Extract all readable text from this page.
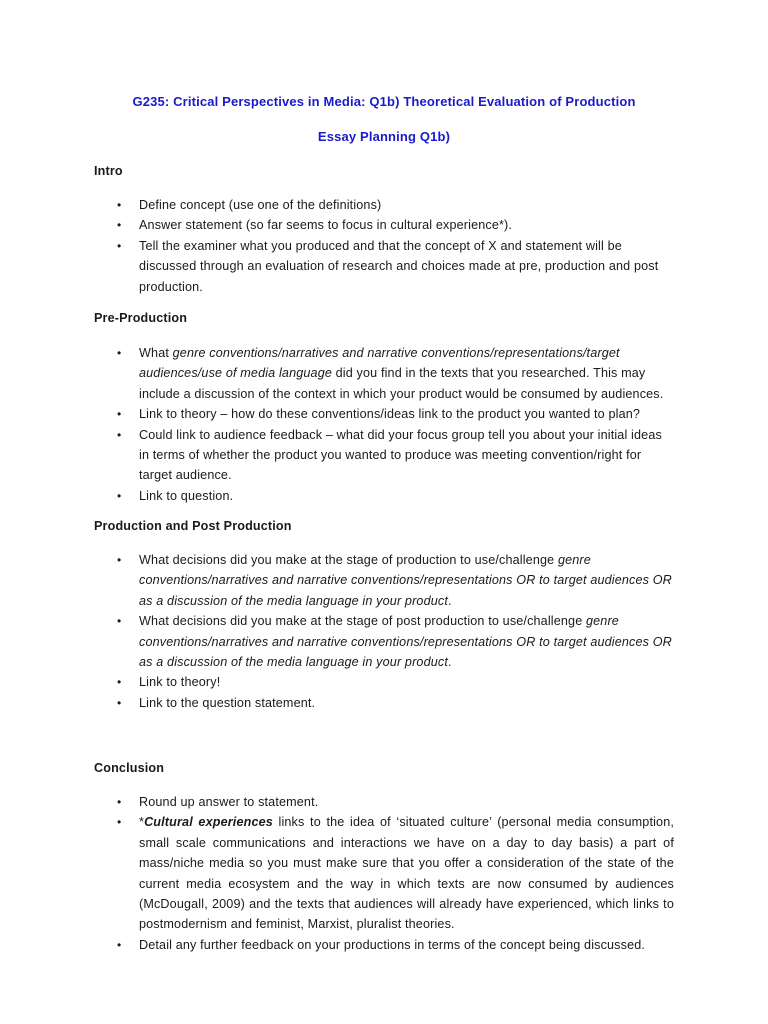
G235: Critical Perspectives in Media: Q1b) Theoretical Evaluation of Production
Essay Planning Q1b)
Intro
• Define concept (use one of the definitions)
• Answer statement (so far seems to focus in cultural experience*).
• Tell the examiner what you produced and that the concept of X and statement will be discussed through an evaluation of research and choices made at pre, production and post production.
Pre-Production
• What genre conventions/narratives and narrative conventions/representations/target audiences/use of media language did you find in the texts that you researched. This may include a discussion of the context in which your product would be consumed by audiences.
• Link to theory – how do these conventions/ideas link to the product you wanted to plan?
• Could link to audience feedback – what did your focus group tell you about your initial ideas in terms of whether the product you wanted to produce was meeting convention/right for target audience.
• Link to question.
Production and Post Production
• What decisions did you make at the stage of production to use/challenge genre conventions/narratives and narrative conventions/representations OR to target audiences OR as a discussion of the media language in your product.
• What decisions did you make at the stage of post production to use/challenge genre conventions/narratives and narrative conventions/representations OR to target audiences OR as a discussion of the media language in your product.
• Link to theory!
• Link to the question statement.
Conclusion
• Round up answer to statement.
• *Cultural experiences links to the idea of ‘situated culture’ (personal media consumption, small scale communications and interactions we have on a day to day basis) a part of mass/niche media so you must make sure that you offer a consideration of the state of the current media ecosystem and the way in which texts are now consumed by audiences (McDougall, 2009) and the texts that audiences will already have experienced, which links to postmodernism and feminist, Marxist, pluralist theories.
• Detail any further feedback on your productions in terms of the concept being discussed.
